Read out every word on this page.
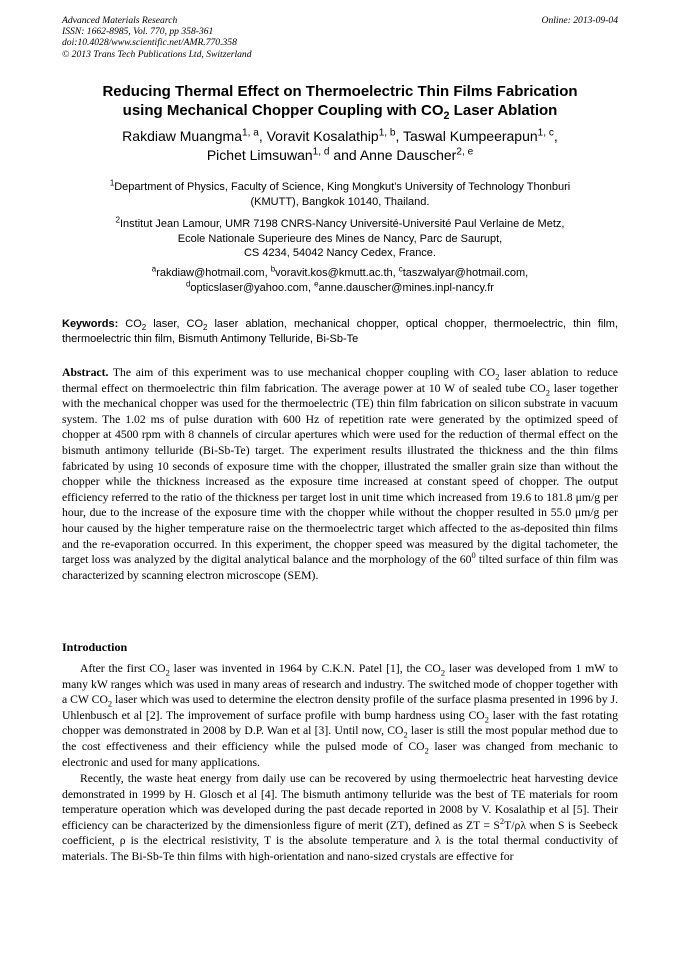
Advanced Materials Research
ISSN: 1662-8985, Vol. 770, pp 358-361
doi:10.4028/www.scientific.net/AMR.770.358
© 2013 Trans Tech Publications Ltd, Switzerland
Online: 2013-09-04
Reducing Thermal Effect on Thermoelectric Thin Films Fabrication
using Mechanical Chopper Coupling with $CO_2$ Laser Ablation
Rakdiaw Muangma$^{1, a}$, Voravit Kosalathip$^{1, b}$, Taswal Kumpeerapun$^{1, c}$,
Pichet Limsuwan$^{1, d}$ and Anne Dauscher$^{2, e}$
$^1$Department of Physics, Faculty of Science, King Mongkut's University of Technology Thonburi
(KMUTT), Bangkok 10140, Thailand.
$^2$Institut Jean Lamour, UMR 7198 CNRS-Nancy Université-Université Paul Verlaine de Metz,
Ecole Nationale Superieure des Mines de Nancy, Parc de Saurupt,
CS 4234, 54042 Nancy Cedex, France.
$^a$rakdiaw@hotmail.com, $^b$voravit.kos@kmutt.ac.th, $^c$taszwalyar@hotmail.com,
$^d$opticslaser@yahoo.com, $^e$anne.dauscher@mines.inpl-nancy.fr
Keywords: $CO_2$ laser, $CO_2$ laser ablation, mechanical chopper, optical chopper, thermoelectric, thin film, thermoelectric thin film, Bismuth Antimony Telluride, Bi-Sb-Te
Abstract. The aim of this experiment was to use mechanical chopper coupling with $CO_2$ laser ablation to reduce thermal effect on thermoelectric thin film fabrication. The average power at 10 W of sealed tube $CO_2$ laser together with the mechanical chopper was used for the thermoelectric (TE) thin film fabrication on silicon substrate in vacuum system. The 1.02 ms of pulse duration with 600 Hz of repetition rate were generated by the optimized speed of chopper at 4500 rpm with 8 channels of circular apertures which were used for the reduction of thermal effect on the bismuth antimony telluride (Bi-Sb-Te) target. The experiment results illustrated the thickness and the thin films fabricated by using 10 seconds of exposure time with the chopper, illustrated the smaller grain size than without the chopper while the thickness increased as the exposure time increased at constant speed of chopper. The output efficiency referred to the ratio of the thickness per target lost in unit time which increased from 19.6 to 181.8 μm/g per hour, due to the increase of the exposure time with the chopper while without the chopper resulted in 55.0 μm/g per hour caused by the higher temperature raise on the thermoelectric target which affected to the as-deposited thin films and the re-evaporation occurred. In this experiment, the chopper speed was measured by the digital tachometer, the target loss was analyzed by the digital analytical balance and the morphology of the $60^0$ tilted surface of thin film was characterized by scanning electron microscope (SEM).
Introduction
After the first $CO_2$ laser was invented in 1964 by C.K.N. Patel [1], the $CO_2$ laser was developed from 1 mW to many kW ranges which was used in many areas of research and industry. The switched mode of chopper together with a CW $CO_2$ laser which was used to determine the electron density profile of the surface plasma presented in 1996 by J. Uhlenbusch et al [2]. The improvement of surface profile with bump hardness using $CO_2$ laser with the fast rotating chopper was demonstrated in 2008 by D.P. Wan et al [3]. Until now, $CO_2$ laser is still the most popular method due to the cost effectiveness and their efficiency while the pulsed mode of $CO_2$ laser was changed from mechanic to electronic and used for many applications.
Recently, the waste heat energy from daily use can be recovered by using thermoelectric heat harvesting device demonstrated in 1999 by H. Glosch et al [4]. The bismuth antimony telluride was the best of TE materials for room temperature operation which was developed during the past decade reported in 2008 by V. Kosalathip et al [5]. Their efficiency can be characterized by the dimensionless figure of merit (ZT), defined as ZT = $S^2T/\rho\lambda$ when S is Seebeck coefficient, ρ is the electrical resistivity, T is the absolute temperature and λ is the total thermal conductivity of materials. The Bi-Sb-Te thin films with high-orientation and nano-sized crystals are effective for
